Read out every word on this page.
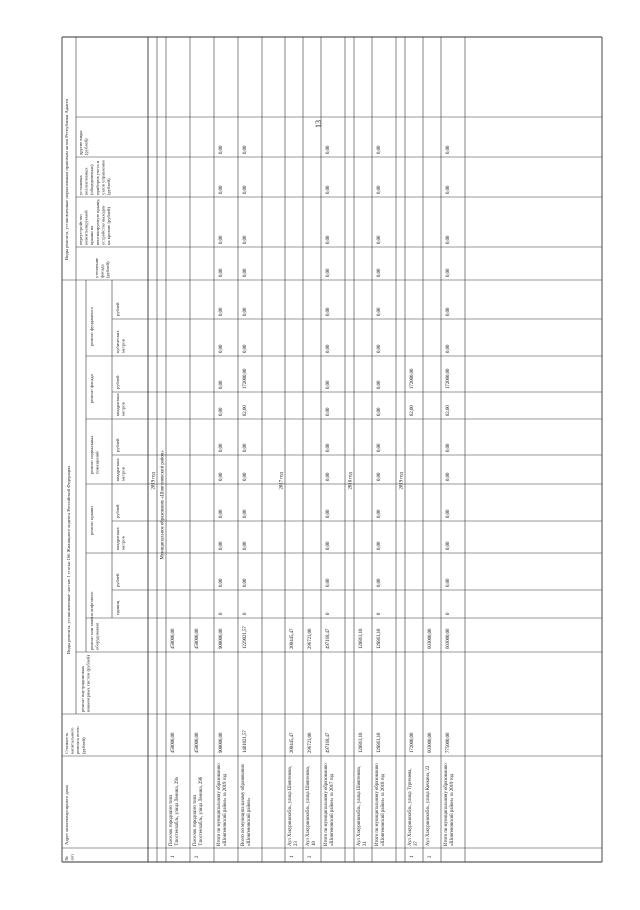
13
№ п/п
Адрес многоквартирного дома
Стоимость капитального ремонта всего (рублей)
Виды ремонта, установленные частью 1 статьи 166 Жилищного кодекса Российской Федерации
Виды ремонта, установленные нормативным правовым актом Республики Адыгея
ремонт внутридомовых инженерных систем (рублей)
ремонт или замена лифтового оборудования
ремонт крыши
ремонт подвальных помещений
ремонт фасада
ремонт фундамента
утепление фасада (рублей)
переустройство невентилируемой крыши на вентилируемую крышу, устройство выходов на кровлю (рублей)
установка коллективных (общедомовых) приборов учета и узлов управления (рублей)
другие виды (рублей)
единиц
рублей
квадратных метров
рублей
квадратных метров
рублей
квадратных метров
рублей
кубических метров
рублей
2019 год Муниципальное образование «Шовгеновский район»
1
Поселок городского типа Тлюстенхабль, улица Ленина, 29а
450000,00
450000,00
2
Поселок городского типа Тлюстенхабль, улица Ленина, 29б
450000,00
450000,00
Итого по муниципальному образованию «Шовгеновский район» за 2019 год
900000,00
900000,00
0
0,00
0,00
0,00
0,00
0,00
0,00
0,00
0,00
0,00
0,00
0,00
0,00
0,00
Всего по муниципальному образованию «Шовгеновский район»
1401021,57
1229021,57
0
0,00
0,00
0,00
0,00
0,00
82,00
172000,00
0,00
0,00
0,00
0,00
0,00
0,00
2017 год
1
Аул Хакуринохабль, улица Шовгенова, 23
200445,47
200445,47
2
Аул Хакуринохабль, улица Шовгенова, 18
296723,00
296723,00
Итого по муниципальному образованию «Шовгеновский район» за 2017 год
497168,47
497168,47
0
0,00
0,00
0,00
0,00
0,00
0,00
0,00
0,00
0,00
0,00
0,00
0,00
0,00
2018 год
Аул Хакуринохабль, улица Шовгенова, 21
128863,10
128863,10
Итого по муниципальному образованию «Шовгеновский район» за 2018 год
128863,10
128863,10
0
0,00
0,00
0,00
0,00
0,00
0,00
0,00
0,00
0,00
0,00
0,00
0,00
0,00
2019 год
1
Аул Хакуринохабль, улица Тургенева, 37
172000,00
82,00
172000,00
2
Аул Хакуринохабль, улица Кочкина, 22
603000,00
603000,00
Итого по муниципальному образованию «Шовгеновский район» за 2019 год
775000,00
603000,00
0
0,00
0,00
0,00
0,00
0,00
82,00
172000,00
0,00
0,00
0,00
0,00
0,00
0,00
